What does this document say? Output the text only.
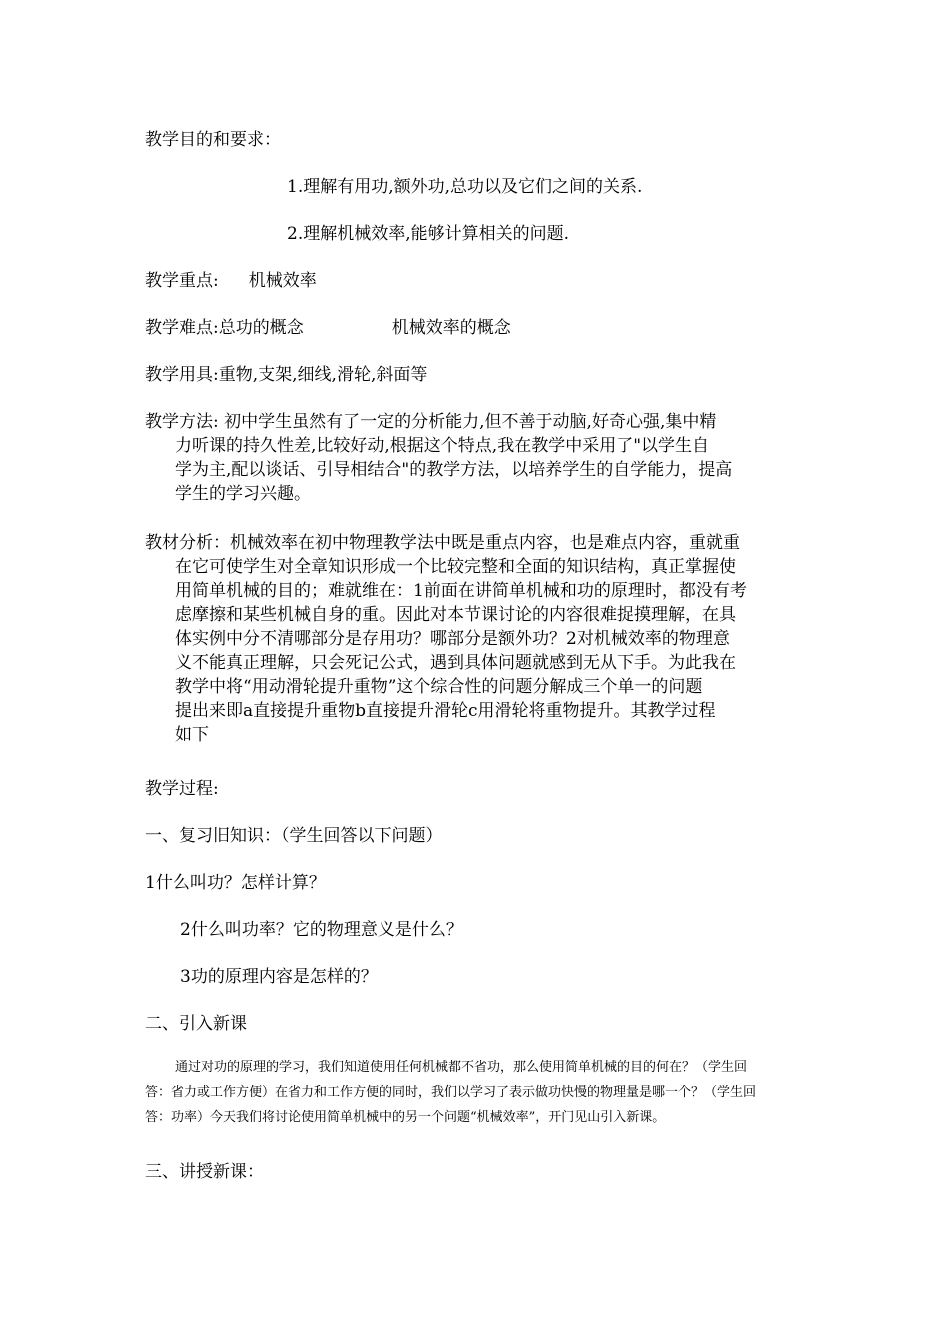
教学目的和要求：
1.理解有用功,额外功,总功以及它们之间的关系.
2.理解机械效率,能够计算相关的问题.
教学重点: 机械效率
教学难点:总功的概念	机械效率的概念
教学用具:重物,支架,细线,滑轮,斜面等
教学方法: 初中学生虽然有了一定的分析能力,但不善于动脑,好奇心强,集中精
力听课的持久性差,比较好动,根据这个特点,我在教学中采用了"以学生自
学为主,配以谈话、引导相结合"的教学方法，以培养学生的自学能力，提高
学生的学习兴趣。
教材分析：机械效率在初中物理教学法中既是重点内容，也是难点内容，重就重
在它可使学生对全章知识形成一个比较完整和全面的知识结构，真正掌握使
用简单机械的目的；难就维在：1前面在讲简单机械和功的原理时，都没有考
虑摩擦和某些机械自身的重。因此对本节课讨论的内容很难捉摸理解，在具
体实例中分不清哪部分是存用功？哪部分是额外功？2对机械效率的物理意
义不能真正理解，只会死记公式，遇到具体问题就感到无从下手。为此我在
教学中将“用动滑轮提升重物”这个综合性的问题分解成三个单一的问题
提出来即a直接提升重物b直接提升滑轮c用滑轮将重物提升。其教学过程
如下
教学过程:
一、复习旧知识：（学生回答以下问题）
1什么叫功？怎样计算？
2什么叫功率？它的物理意义是什么？
3功的原理内容是怎样的？
二、引入新课
通过对功的原理的学习，我们知道使用任何机械都不省功，那么使用简单机械的目的何在？（学生回
答：省力或工作方便）在省力和工作方便的同时，我们以学习了表示做功快慢的物理量是哪一个？（学生回
答：功率）今天我们将讨论使用简单机械中的另一个问题“机械效率”，开门见山引入新课。
三、讲授新课：
